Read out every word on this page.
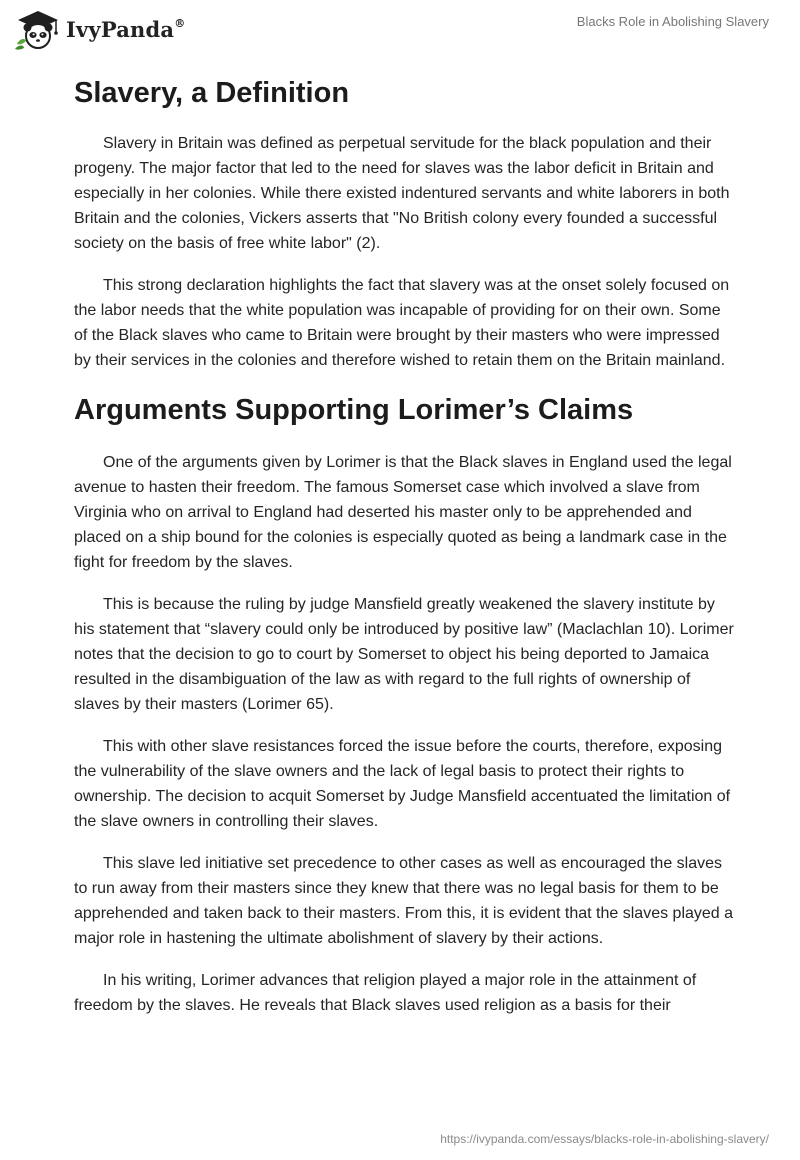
IvyPanda®	Blacks Role in Abolishing Slavery
Slavery, a Definition

Slavery in Britain was defined as perpetual servitude for the black population and their progeny. The major factor that led to the need for slaves was the labor deficit in Britain and especially in her colonies. While there existed indentured servants and white laborers in both Britain and the colonies, Vickers asserts that "No British colony every founded a successful society on the basis of free white labor" (2).

This strong declaration highlights the fact that slavery was at the onset solely focused on the labor needs that the white population was incapable of providing for on their own. Some of the Black slaves who came to Britain were brought by their masters who were impressed by their services in the colonies and therefore wished to retain them on the Britain mainland.

Arguments Supporting Lorimer’s Claims

One of the arguments given by Lorimer is that the Black slaves in England used the legal avenue to hasten their freedom. The famous Somerset case which involved a slave from Virginia who on arrival to England had deserted his master only to be apprehended and placed on a ship bound for the colonies is especially quoted as being a landmark case in the fight for freedom by the slaves.

This is because the ruling by judge Mansfield greatly weakened the slavery institute by his statement that “slavery could only be introduced by positive law” (Maclachlan 10). Lorimer notes that the decision to go to court by Somerset to object his being deported to Jamaica resulted in the disambiguation of the law as with regard to the full rights of ownership of slaves by their masters (Lorimer 65).

This with other slave resistances forced the issue before the courts, therefore, exposing the vulnerability of the slave owners and the lack of legal basis to protect their rights to ownership. The decision to acquit Somerset by Judge Mansfield accentuated the limitation of the slave owners in controlling their slaves.

This slave led initiative set precedence to other cases as well as encouraged the slaves to run away from their masters since they knew that there was no legal basis for them to be apprehended and taken back to their masters. From this, it is evident that the slaves played a major role in hastening the ultimate abolishment of slavery by their actions.

In his writing, Lorimer advances that religion played a major role in the attainment of freedom by the slaves. He reveals that Black slaves used religion as a basis for their

https://ivypanda.com/essays/blacks-role-in-abolishing-slavery/
